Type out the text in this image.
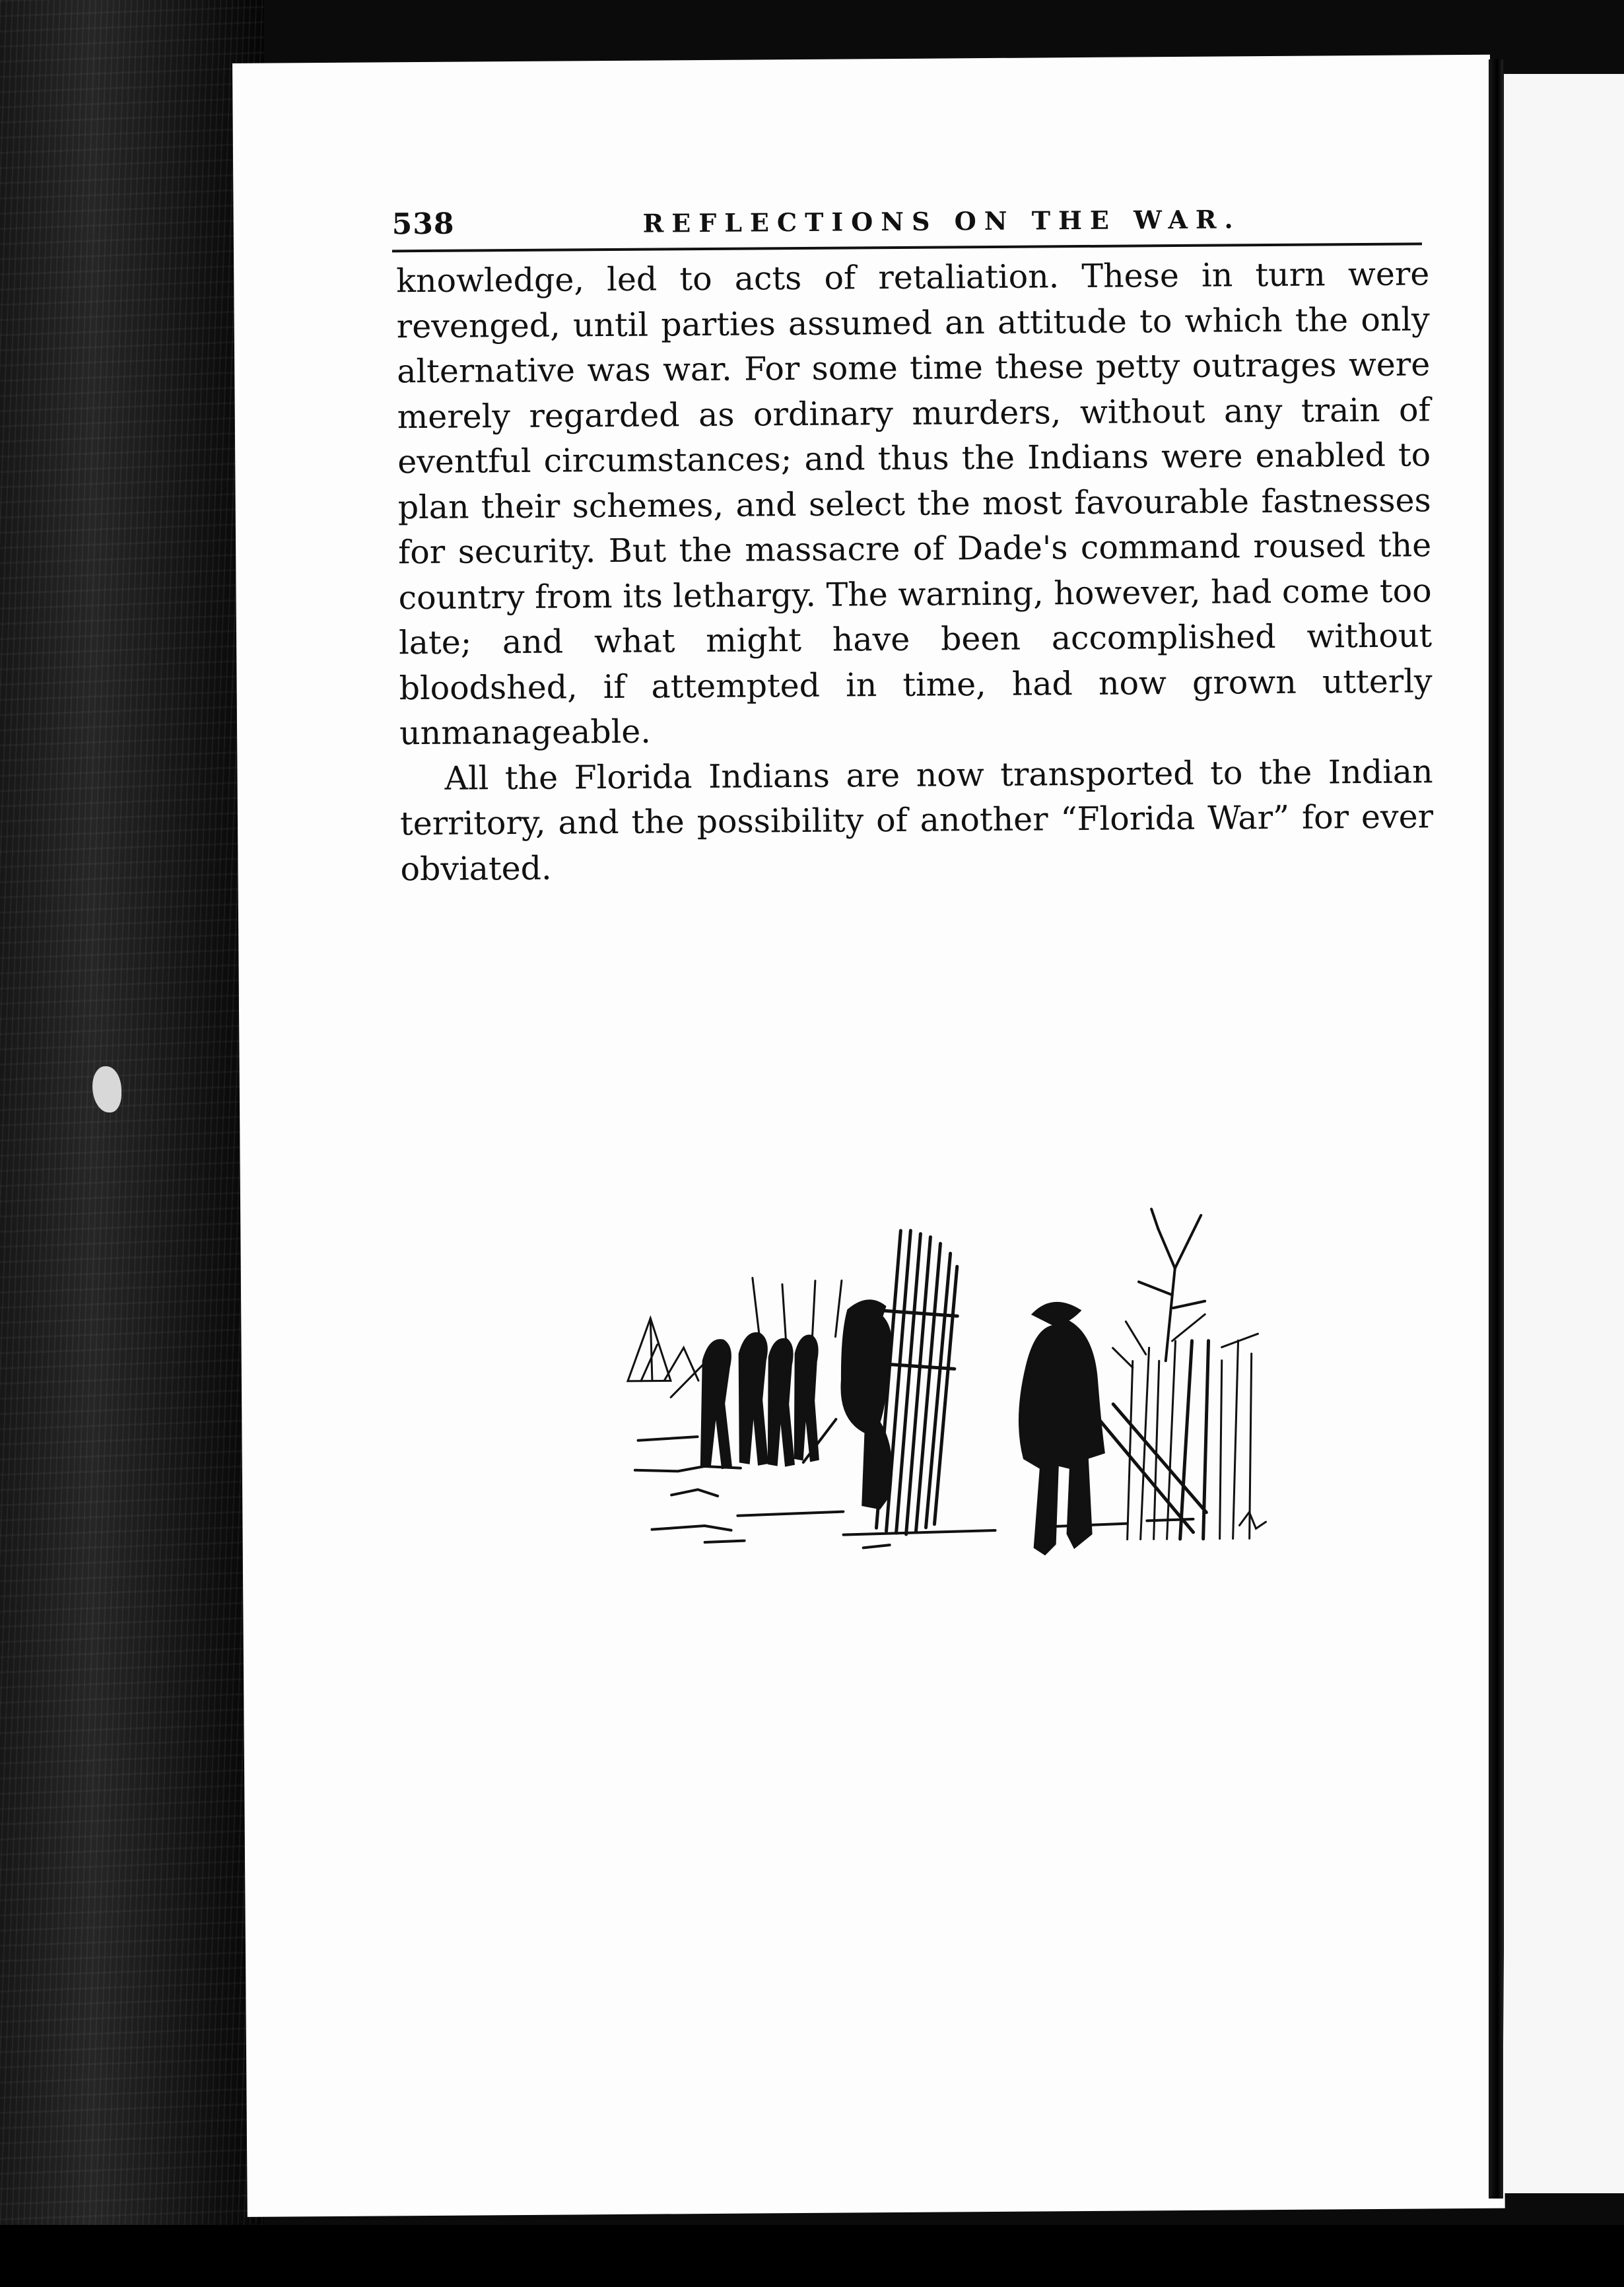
538	REFLECTIONS ON THE WAR.

knowledge, led to acts of retaliation. These in turn were revenged, until parties assumed an attitude to which the only alternative was war. For some time these petty outrages were merely regarded as ordinary murders, without any train of eventful circumstances; and thus the Indians were enabled to plan their schemes, and select the most favourable fastnesses for security. But the massacre of Dade's command roused the country from its lethargy. The warning, however, had come too late; and what might have been accomplished without bloodshed, if attempted in time, had now grown utterly unmanageable.

All the Florida Indians are now transported to the Indian territory, and the possibility of another “Florida War” for ever obviated.
